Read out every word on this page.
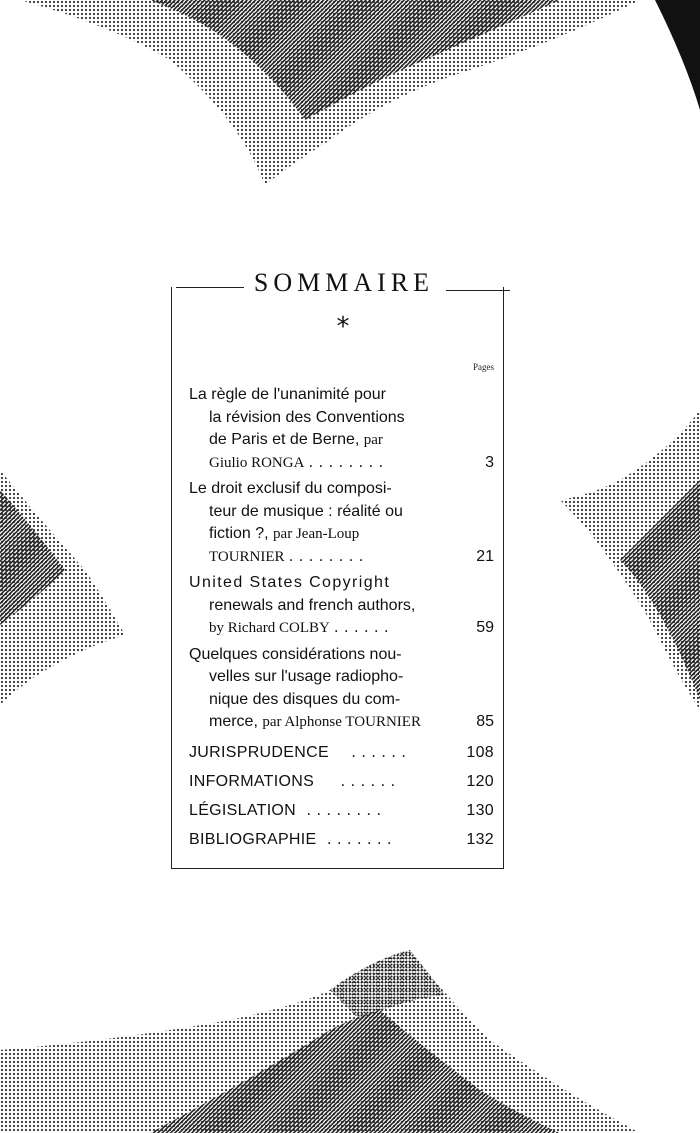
SOMMAIRE
*
Pages
La règle de l'unanimité pour
la révision des Conventions
de Paris et de Berne, par
Giulio RONGA . . . . . . . .	3
Le droit exclusif du composi-
teur de musique : réalité ou
fiction ?, par Jean-Loup
TOURNIER . . . . . . . .	21
United States Copyright
renewals and french authors,
by Richard COLBY . . . . . .	59
Quelques considérations nou-
velles sur l'usage radiopho-
nique des disques du com-
merce, par Alphonse TOURNIER	85
JURISPRUDENCE . . . . . .	108
INFORMATIONS . . . . . .	120
LÉGISLATION . . . . . . . .	130
BIBLIOGRAPHIE . . . . . . .	132
